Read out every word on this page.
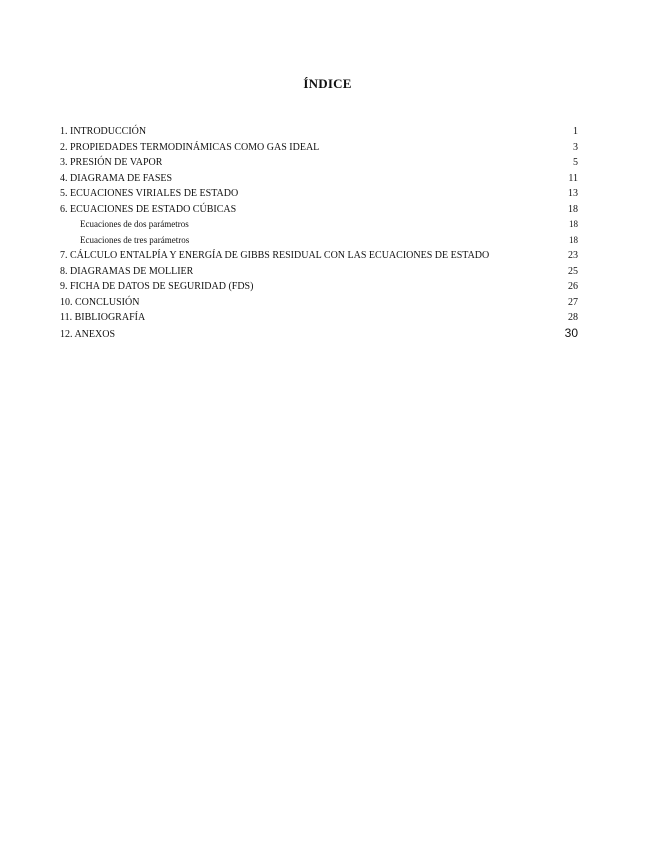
ÍNDICE
1. INTRODUCCIÓN	1
2. PROPIEDADES TERMODINÁMICAS COMO GAS IDEAL	3
3. PRESIÓN DE VAPOR	5
4. DIAGRAMA DE FASES	11
5. ECUACIONES VIRIALES DE ESTADO	13
6. ECUACIONES DE ESTADO CÚBICAS	18
Ecuaciones de dos parámetros	18
Ecuaciones de tres parámetros	18
7. CÁLCULO ENTALPÍA Y ENERGÍA DE GIBBS RESIDUAL CON LAS ECUACIONES DE ESTADO	23
8. DIAGRAMAS DE MOLLIER	25
9. FICHA DE DATOS DE SEGURIDAD (FDS)	26
10. CONCLUSIÓN	27
11. BIBLIOGRAFÍA	28
12. ANEXOS	30
